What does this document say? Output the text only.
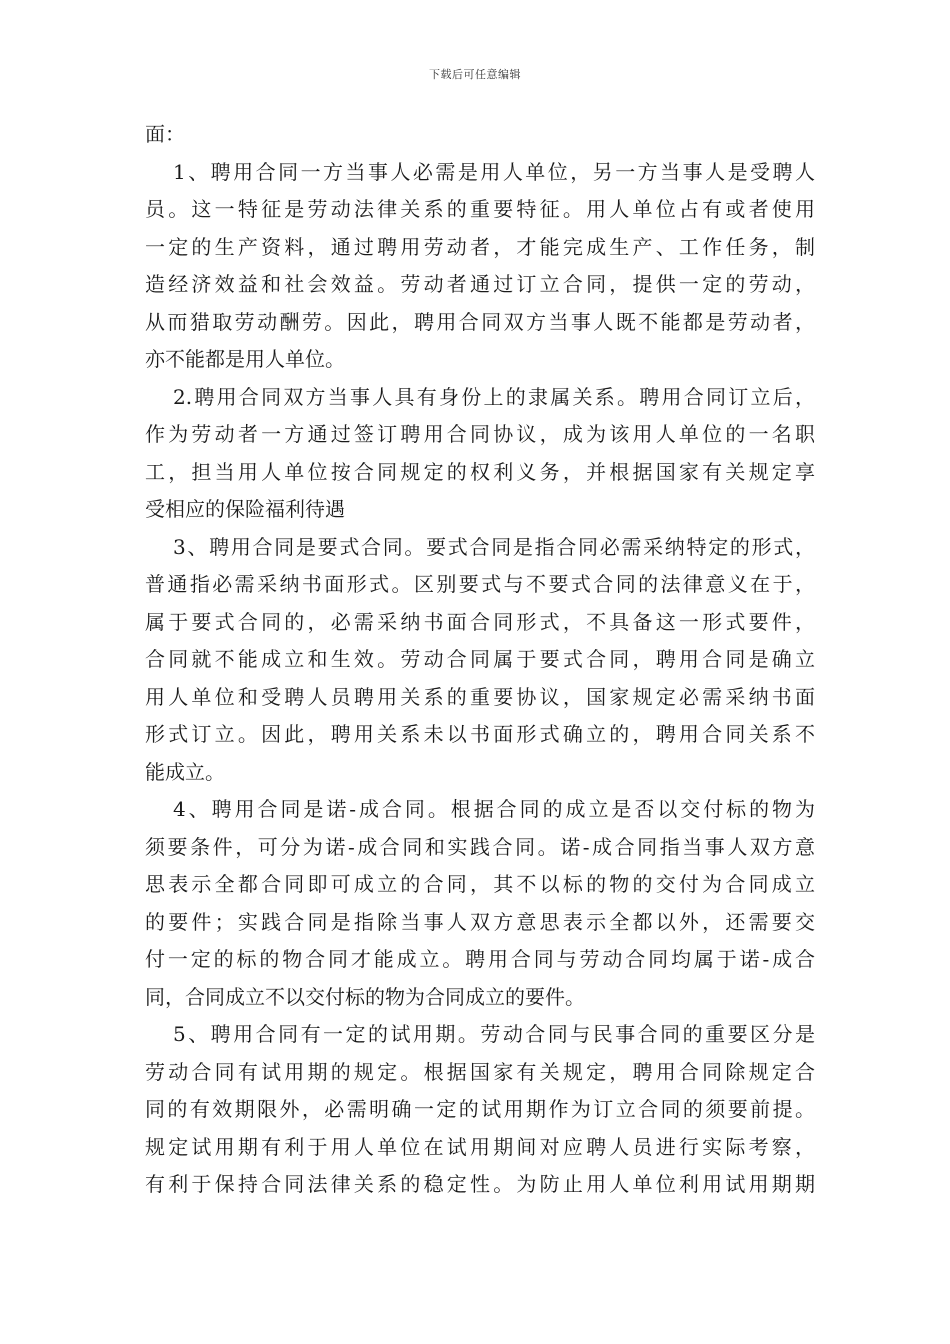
下载后可任意编辑
面：
1、聘用合同一方当事人必需是用人单位，另一方当事人是受聘人
员。这一特征是劳动法律关系的重要特征。用人单位占有或者使用
一定的生产资料，通过聘用劳动者，才能完成生产、工作任务，制
造经济效益和社会效益。劳动者通过订立合同，提供一定的劳动，
从而猎取劳动酬劳。因此，聘用合同双方当事人既不能都是劳动者，
亦不能都是用人单位。
2.聘用合同双方当事人具有身份上的隶属关系。聘用合同订立后，
作为劳动者一方通过签订聘用合同协议，成为该用人单位的一名职
工，担当用人单位按合同规定的权利义务，并根据国家有关规定享
受相应的保险福利待遇
3、聘用合同是要式合同。要式合同是指合同必需采纳特定的形式，
普通指必需采纳书面形式。区别要式与不要式合同的法律意义在于，
属于要式合同的，必需采纳书面合同形式，不具备这一形式要件，
合同就不能成立和生效。劳动合同属于要式合同，聘用合同是确立
用人单位和受聘人员聘用关系的重要协议，国家规定必需采纳书面
形式订立。因此，聘用关系未以书面形式确立的，聘用合同关系不
能成立。
4、聘用合同是诺-成合同。根据合同的成立是否以交付标的物为
须要条件，可分为诺-成合同和实践合同。诺-成合同指当事人双方意
思表示全都合同即可成立的合同，其不以标的物的交付为合同成立
的要件；实践合同是指除当事人双方意思表示全都以外，还需要交
付一定的标的物合同才能成立。聘用合同与劳动合同均属于诺-成合
同，合同成立不以交付标的物为合同成立的要件。
5、聘用合同有一定的试用期。劳动合同与民事合同的重要区分是
劳动合同有试用期的规定。根据国家有关规定，聘用合同除规定合
同的有效期限外，必需明确一定的试用期作为订立合同的须要前提。
规定试用期有利于用人单位在试用期间对应聘人员进行实际考察，
有利于保持合同法律关系的稳定性。为防止用人单位利用试用期期
